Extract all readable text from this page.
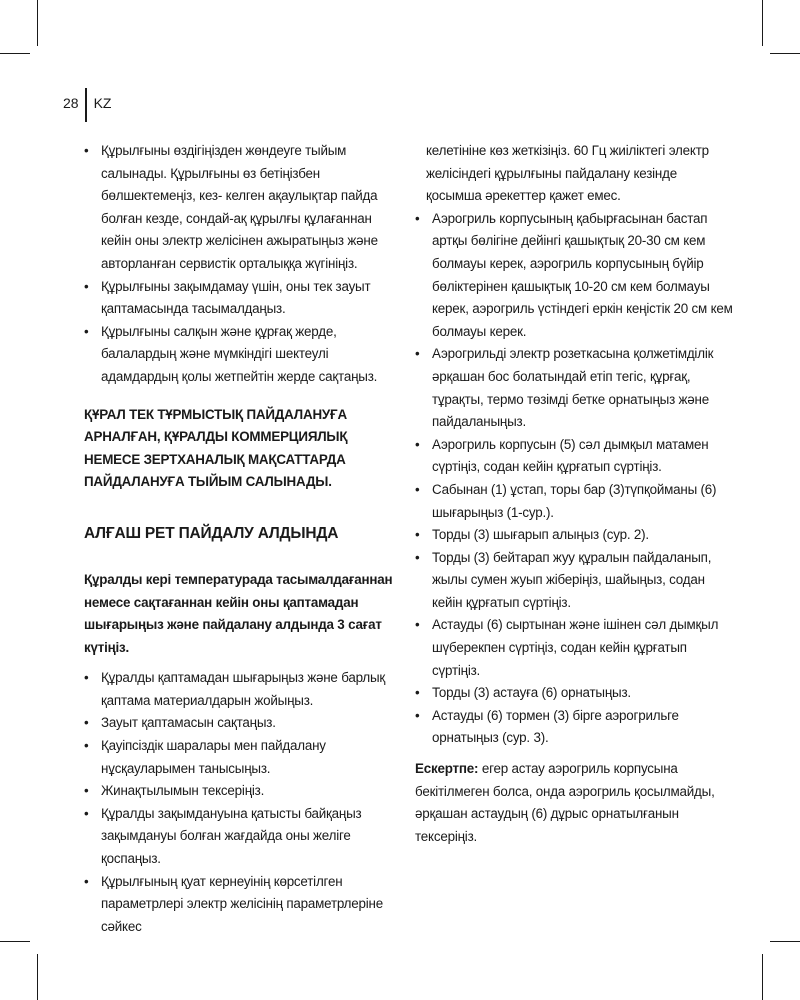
28	KZ
• Құрылғыны өздігіңізден жөндеуге тыйым салынады. Құрылғыны өз бетіңізбен бөлшектемеңіз, кез- келген ақаулықтар пайда болған кезде, сондай-ақ құрылғы құлағаннан кейін оны электр желісінен ажыратыңыз және авторланған сервистік орталыққа жүгініңіз.
• Құрылғыны зақымдамау үшін, оны тек зауыт қаптамасында тасымалдаңыз.
• Құрылғыны салқын және құрғақ жерде, балалардың және мүмкіндігі шектеулі адамдардың қолы жетпейтін жерде сақтаңыз.
ҚҰРАЛ ТЕК ТҰРМЫСТЫҚ ПАЙДАЛАНУҒА АРНАЛҒАН, ҚҰРАЛДЫ КОММЕРЦИЯЛЫҚ НЕМЕСЕ ЗЕРТХАНАЛЫҚ МАҚСАТТАРДА ПАЙДАЛАНУҒА ТЫЙЫМ САЛЫНАДЫ.
АЛҒАШ РЕТ ПАЙДАЛУ АЛДЫНДА
Құралды кері температурада тасымалдағаннан немесе сақтағаннан кейін оны қаптамадан шығарыңыз және пайдалану алдында 3 сағат күтіңіз.
• Құралды қаптамадан шығарыңыз және барлық қаптама материалдарын жойыңыз.
• Зауыт қаптамасын сақтаңыз.
• Қауіпсіздік шаралары мен пайдалану нұсқауларымен танысыңыз.
• Жинақтылымын тексеріңіз.
• Құралды зақымдануына қатысты байқаңыз зақымдануы болған жағдайда оны желіге қоспаңыз.
• Құрылғының қуат кернеуінің көрсетілген параметрлері электр желісінің параметрлеріне сәйкес
келетініне көз жеткізіңіз. 60 Гц жиіліктегі электр желісіндегі құрылғыны пайдалану кезінде қосымша әрекеттер қажет емес.
• Аэрогриль корпусының қабырғасынан бастап артқы бөлігіне дейінгі қашықтық 20-30 см кем болмауы керек, аэрогриль корпусының бүйір бөліктерінен қашықтық 10-20 см кем болмауы керек, аэрогриль үстіндегі еркін кеңістік 20 см кем болмауы керек.
• Аэрогрильді электр розеткасына қолжетімділік әрқашан бос болатындай етіп тегіс, құрғақ, тұрақты, термо төзімді бетке орнатыңыз және пайдаланыңыз.
• Аэрогриль корпусын (5) сәл дымқыл матамен сүртіңіз, содан кейін құрғатып сүртіңіз.
• Сабынан (1) ұстап, торы бар (3)түпқойманы (6) шығарыңыз (1-сур.).
• Торды (3) шығарып алыңыз (сур. 2).
• Торды (3) бейтарап жуу құралын пайдаланып, жылы сумен жуып жіберіңіз, шайыңыз, содан кейін құрғатып сүртіңіз.
• Астауды (6) сыртынан және ішінен сәл дымқыл шүберекпен сүртіңіз, содан кейін құрғатып сүртіңіз.
• Торды (3) астауға (6) орнатыңыз.
• Астауды (6) тормен (3) бірге аэрогрильге орнатыңыз (сур. 3).
Ескертпе: егер астау аэрогриль корпусына бекітілмеген болса, онда аэрогриль қосылмайды, әрқашан астаудың (6) дұрыс орнатылғанын тексеріңіз.
